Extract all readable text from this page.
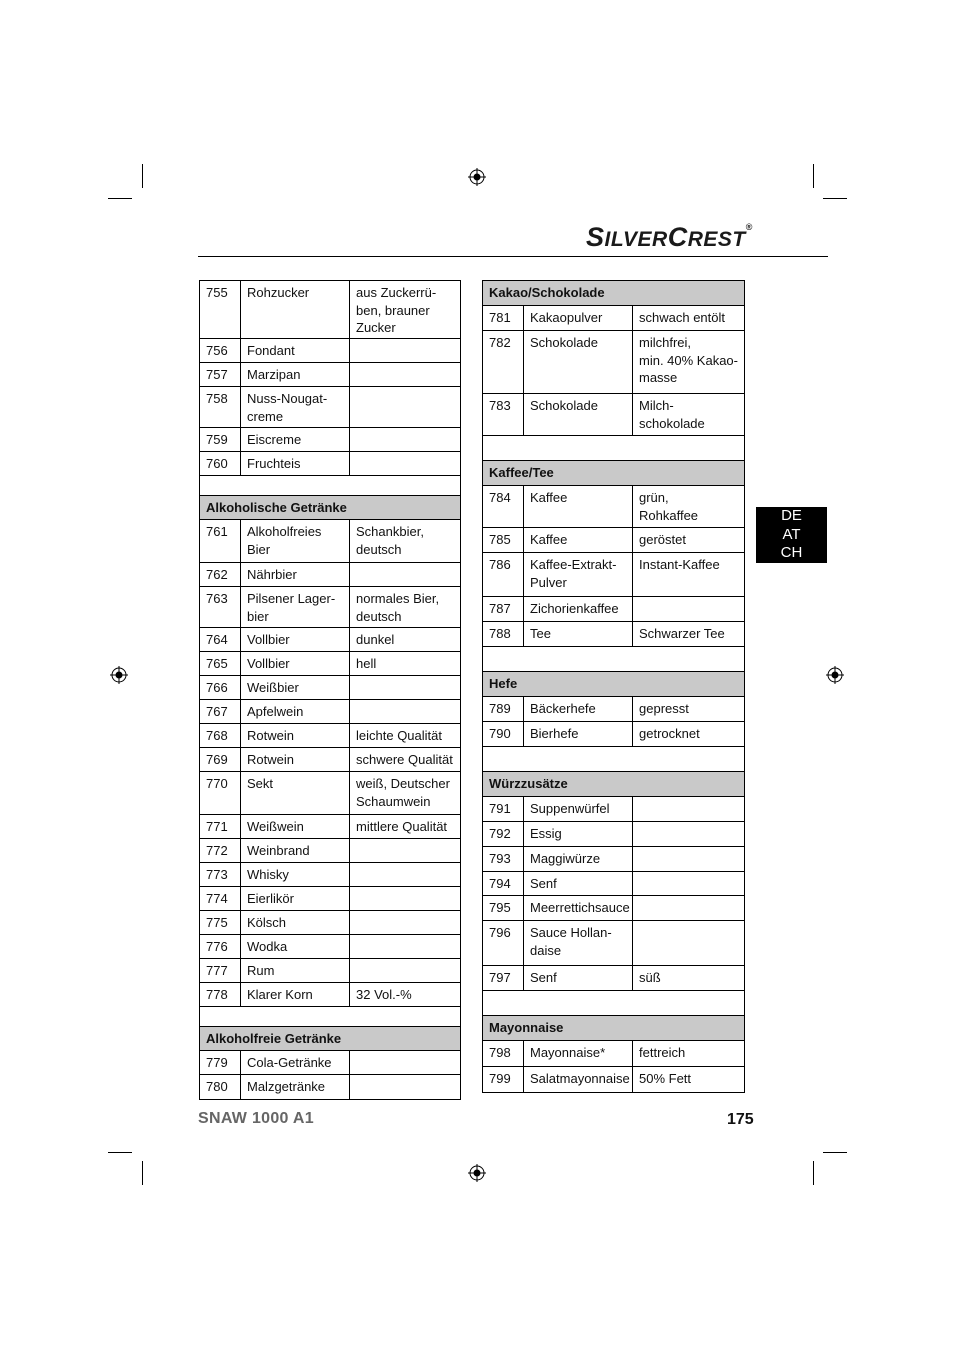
SILVERCREST®
DE
AT
CH
755	Rohzucker	aus Zuckerrü-
ben, brauner
Zucker
756	Fondant	
757	Marzipan	
758	Nuss-Nougat-
creme	
759	Eiscreme	
760	Fruchteis	

Alkoholische Getränke		
761	Alkoholfreies Bier	Schankbier,
deutsch
762	Nährbier	
763	Pilsener Lager-
bier	normales Bier,
deutsch
764	Vollbier	dunkel
765	Vollbier	hell
766	Weißbier	
767	Apfelwein	
768	Rotwein	leichte Qualität
769	Rotwein	schwere Qualität
770	Sekt	weiß, Deutscher
Schaumwein
771	Weißwein	mittlere Qualität
772	Weinbrand	
773	Whisky	
774	Eierlikör	
775	Kölsch	
776	Wodka	
777	Rum	
778	Klarer Korn	32 Vol.-%

Alkoholfreie Getränke		
779	Cola-Getränke	
780	Malzgetränke	
Kakao/Schokolade		
781	Kakaopulver	schwach entölt
782	Schokolade	milchfrei,
min. 40% Kakao-
masse
783	Schokolade	Milch-
schokolade

Kaffee/Tee		
784	Kaffee	grün,
Rohkaffee
785	Kaffee	geröstet
786	Kaffee-Extrakt-
Pulver	Instant-Kaffee
787	Zichorienkaffee	
788	Tee	Schwarzer Tee

Hefe		
789	Bäckerhefe	gepresst
790	Bierhefe	getrocknet

Würzzusätze		
791	Suppenwürfel	
792	Essig	
793	Maggiwürze	
794	Senf	
795	Meerrettichsauce	
796	Sauce Hollan-
daise	
797	Senf	süß

Mayonnaise		
798	Mayonnaise*	fettreich
799	Salatmayonnaise	50% Fett
SNAW 1000 A1	175
